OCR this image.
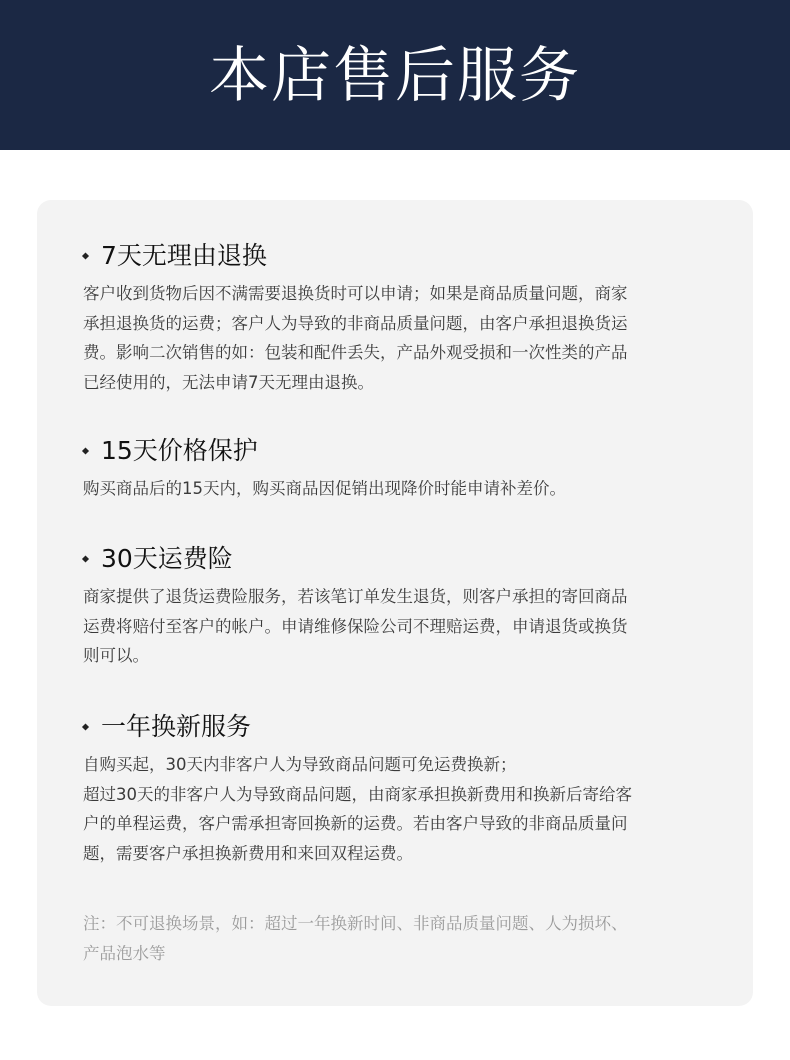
本店售后服务
7天无理由退换
客户收到货物后因不满需要退换货时可以申请；如果是商品质量问题，商家
承担退换货的运费；客户人为导致的非商品质量问题，由客户承担退换货运
费。影响二次销售的如：包装和配件丢失，产品外观受损和一次性类的产品
已经使用的，无法申请7天无理由退换。
15天价格保护
购买商品后的15天内，购买商品因促销出现降价时能申请补差价。
30天运费险
商家提供了退货运费险服务，若该笔订单发生退货，则客户承担的寄回商品
运费将赔付至客户的帐户。申请维修保险公司不理赔运费，申请退货或换货
则可以。
一年换新服务
自购买起，30天内非客户人为导致商品问题可免运费换新；
超过30天的非客户人为导致商品问题，由商家承担换新费用和换新后寄给客
户的单程运费，客户需承担寄回换新的运费。若由客户导致的非商品质量问
题，需要客户承担换新费用和来回双程运费。
注：不可退换场景，如：超过一年换新时间、非商品质量问题、人为损坏、
产品泡水等
